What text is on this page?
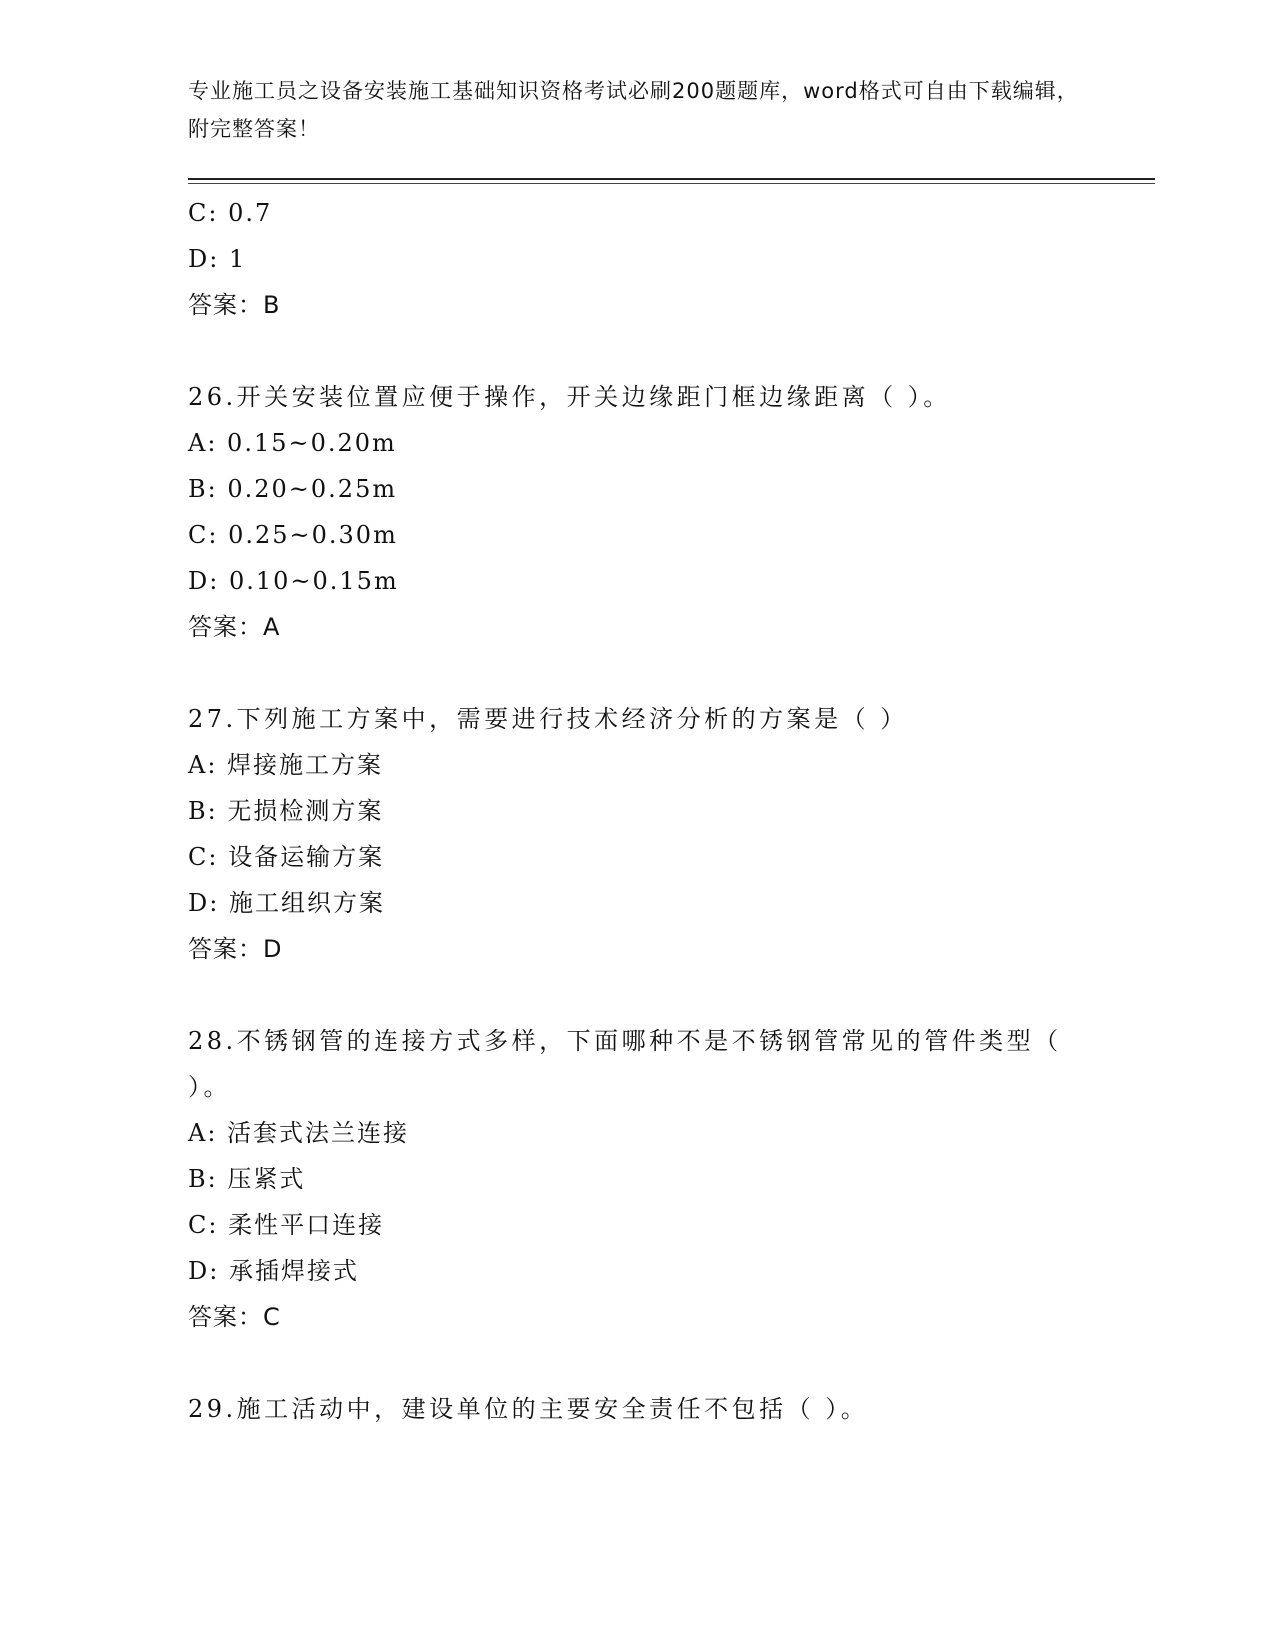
专业施工员之设备安装施工基础知识资格考试必刷200题题库，word格式可自由下载编辑，附完整答案！
C: 0.7
D: 1
答案：B
26.开关安装位置应便于操作，开关边缘距门框边缘距离（ ）。
A: 0.15~0.20m
B: 0.20~0.25m
C: 0.25~0.30m
D: 0.10~0.15m
答案：A
27.下列施工方案中，需要进行技术经济分析的方案是（ ）
A: 焊接施工方案
B: 无损检测方案
C: 设备运输方案
D: 施工组织方案
答案：D
28.不锈钢管的连接方式多样，下面哪种不是不锈钢管常见的管件类型（ ）。
A: 活套式法兰连接
B: 压紧式
C: 柔性平口连接
D: 承插焊接式
答案：C
29.施工活动中，建设单位的主要安全责任不包括（ ）。
